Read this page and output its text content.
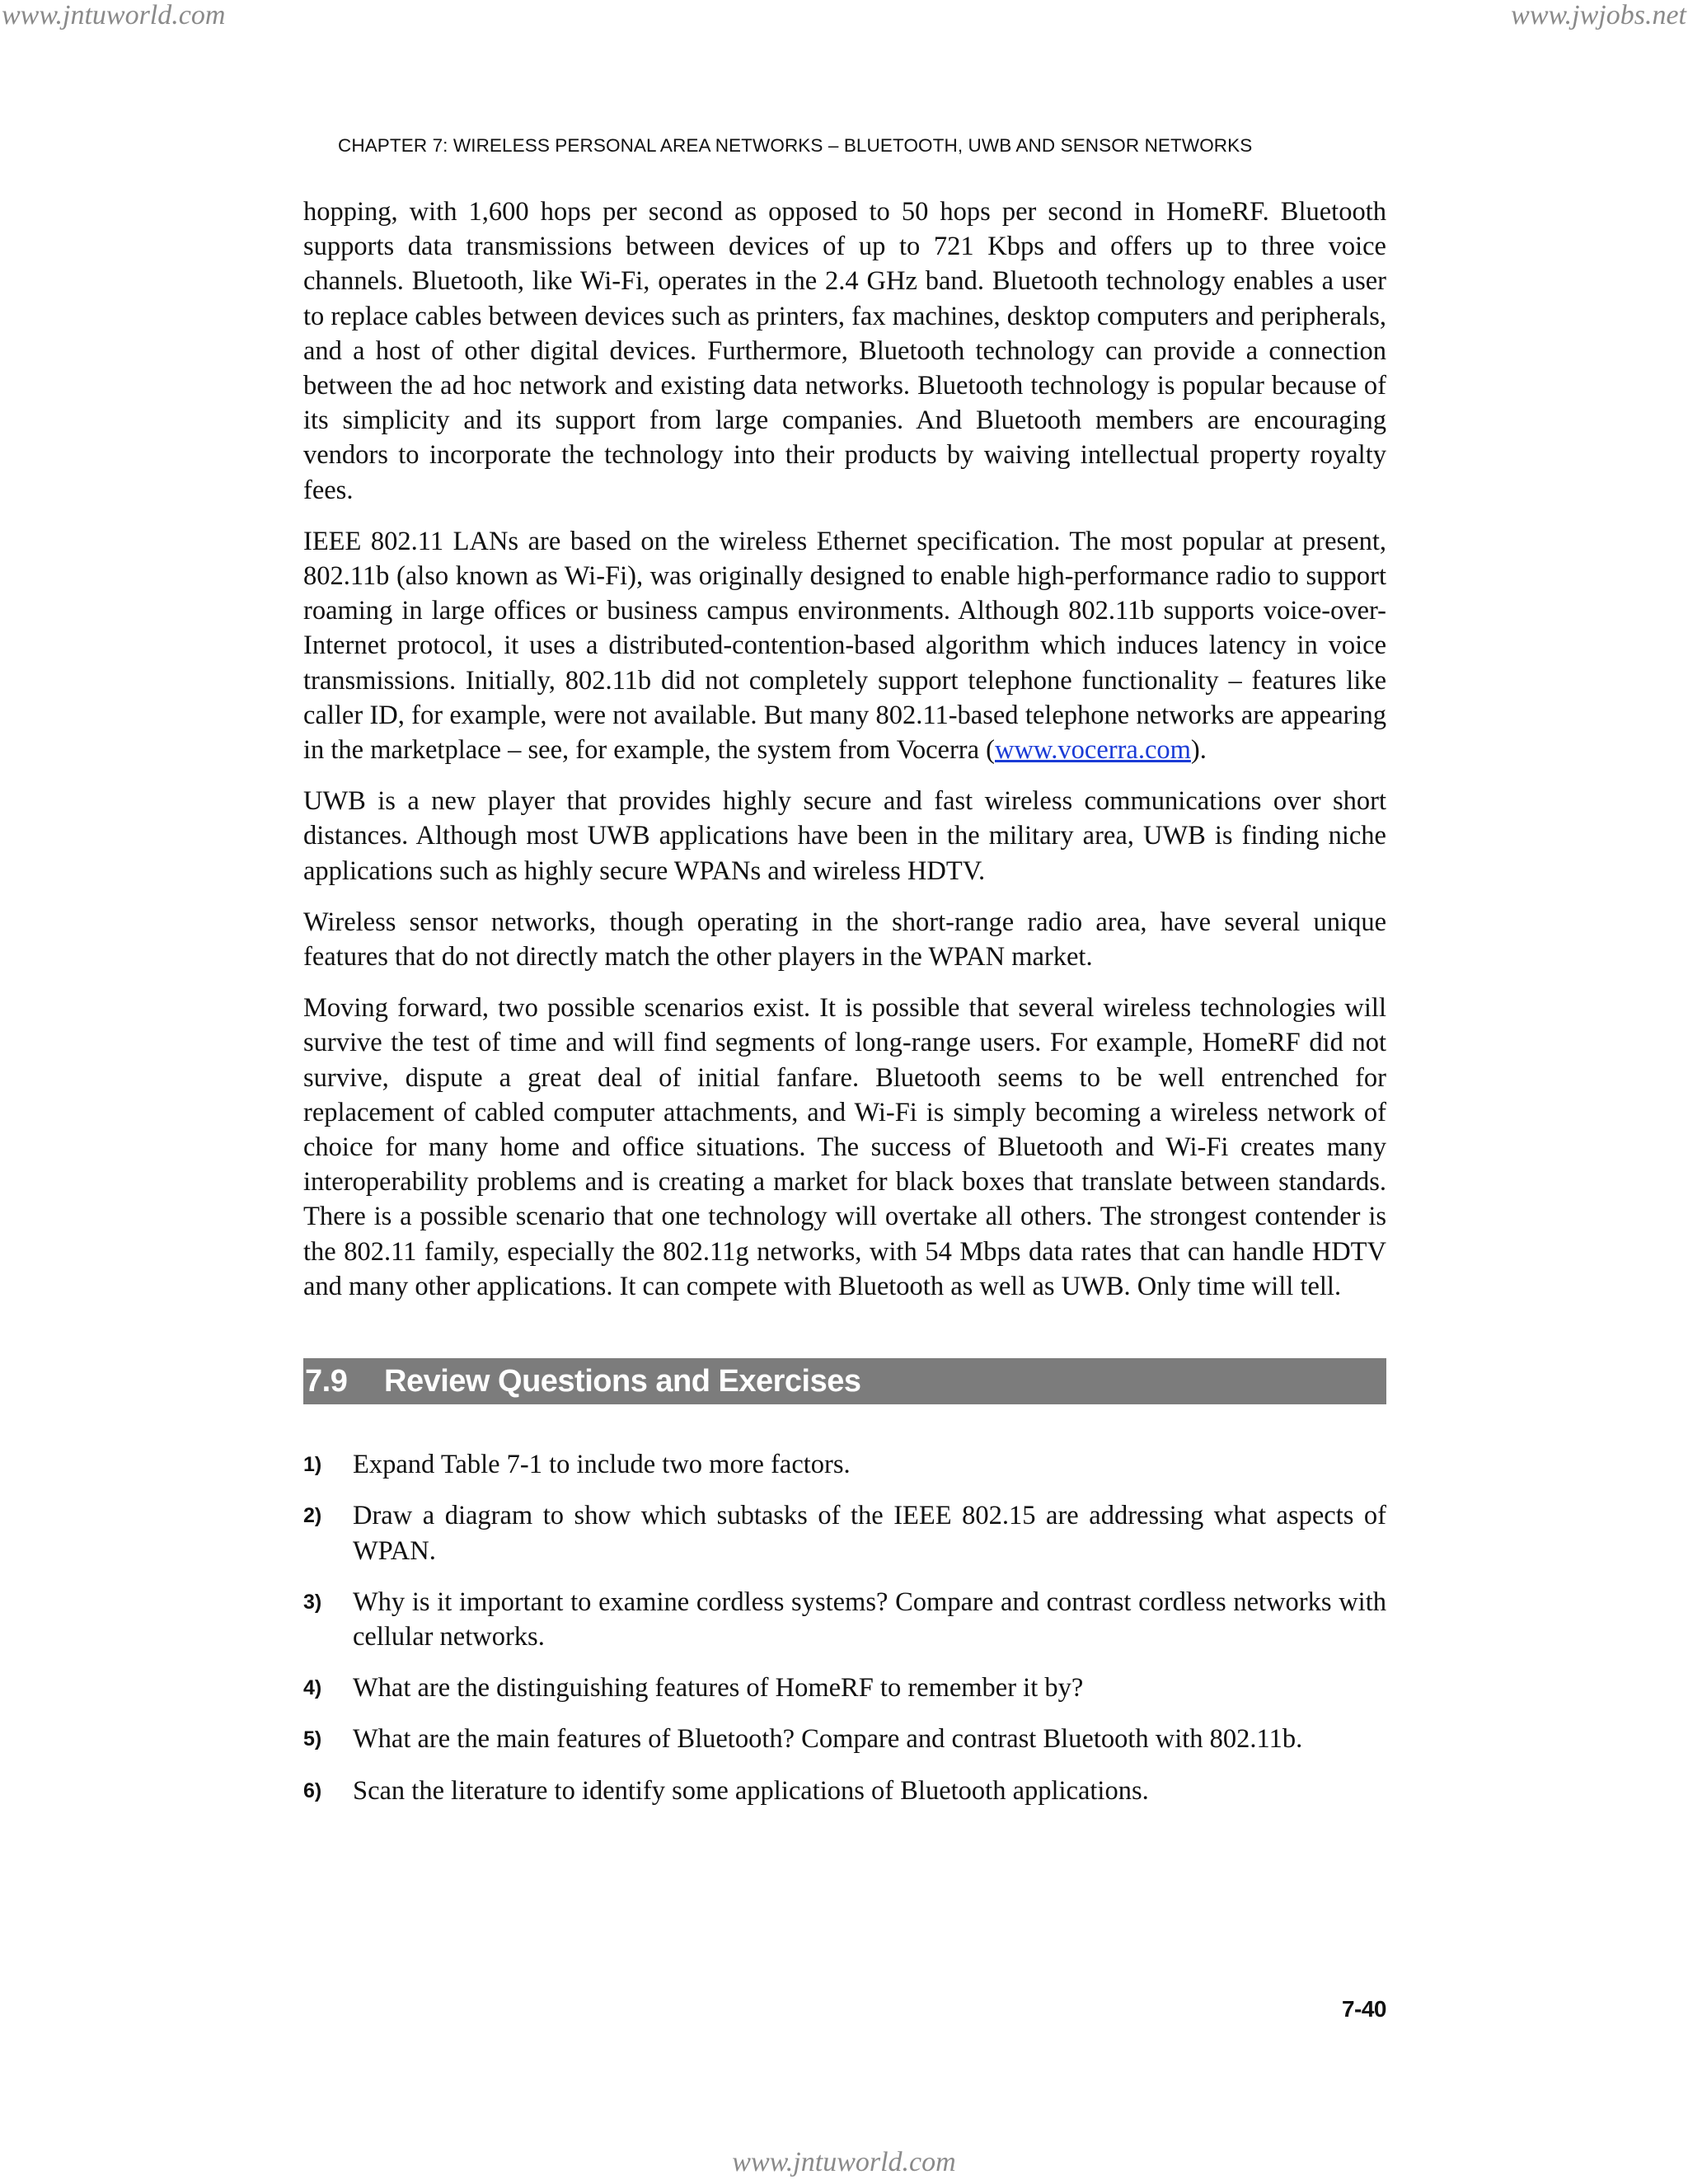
www.jntuworld.com	www.jwjobs.net
CHAPTER 7: WIRELESS PERSONAL AREA NETWORKS – BLUETOOTH, UWB AND SENSOR NETWORKS

hopping, with 1,600 hops per second as opposed to 50 hops per second in HomeRF. Bluetooth supports data transmissions between devices of up to 721 Kbps and offers up to three voice channels. Bluetooth, like Wi-Fi, operates in the 2.4 GHz band. Bluetooth technology enables a user to replace cables between devices such as printers, fax machines, desktop computers and peripherals, and a host of other digital devices. Furthermore, Bluetooth technology can provide a connection between the ad hoc network and existing data networks. Bluetooth technology is popular because of its simplicity and its support from large companies. And Bluetooth members are encouraging vendors to incorporate the technology into their products by waiving intellectual property royalty fees.

IEEE 802.11 LANs are based on the wireless Ethernet specification. The most popular at present, 802.11b (also known as Wi-Fi), was originally designed to enable high-performance radio to support roaming in large offices or business campus environments. Although 802.11b supports voice-over-Internet protocol, it uses a distributed-contention-based algorithm which induces latency in voice transmissions. Initially, 802.11b did not completely support telephone functionality – features like caller ID, for example, were not available. But many 802.11-based telephone networks are appearing in the marketplace – see, for example, the system from Vocerra (www.vocerra.com).

UWB is a new player that provides highly secure and fast wireless communications over short distances. Although most UWB applications have been in the military area, UWB is finding niche applications such as highly secure WPANs and wireless HDTV.

Wireless sensor networks, though operating in the short-range radio area, have several unique features that do not directly match the other players in the WPAN market.

Moving forward, two possible scenarios exist. It is possible that several wireless technologies will survive the test of time and will find segments of long-range users. For example, HomeRF did not survive, dispute a great deal of initial fanfare. Bluetooth seems to be well entrenched for replacement of cabled computer attachments, and Wi-Fi is simply becoming a wireless network of choice for many home and office situations. The success of Bluetooth and Wi-Fi creates many interoperability problems and is creating a market for black boxes that translate between standards. There is a possible scenario that one technology will overtake all others. The strongest contender is the 802.11 family, especially the 802.11g networks, with 54 Mbps data rates that can handle HDTV and many other applications. It can compete with Bluetooth as well as UWB. Only time will tell.

7.9	Review Questions and Exercises
1)	Expand Table 7-1 to include two more factors.
2)	Draw a diagram to show which subtasks of the IEEE 802.15 are addressing what aspects of WPAN.
3)	Why is it important to examine cordless systems? Compare and contrast cordless networks with cellular networks.
4)	What are the distinguishing features of HomeRF to remember it by?
5)	What are the main features of Bluetooth? Compare and contrast Bluetooth with 802.11b.
6)	Scan the literature to identify some applications of Bluetooth applications.
7-40
www.jntuworld.com
